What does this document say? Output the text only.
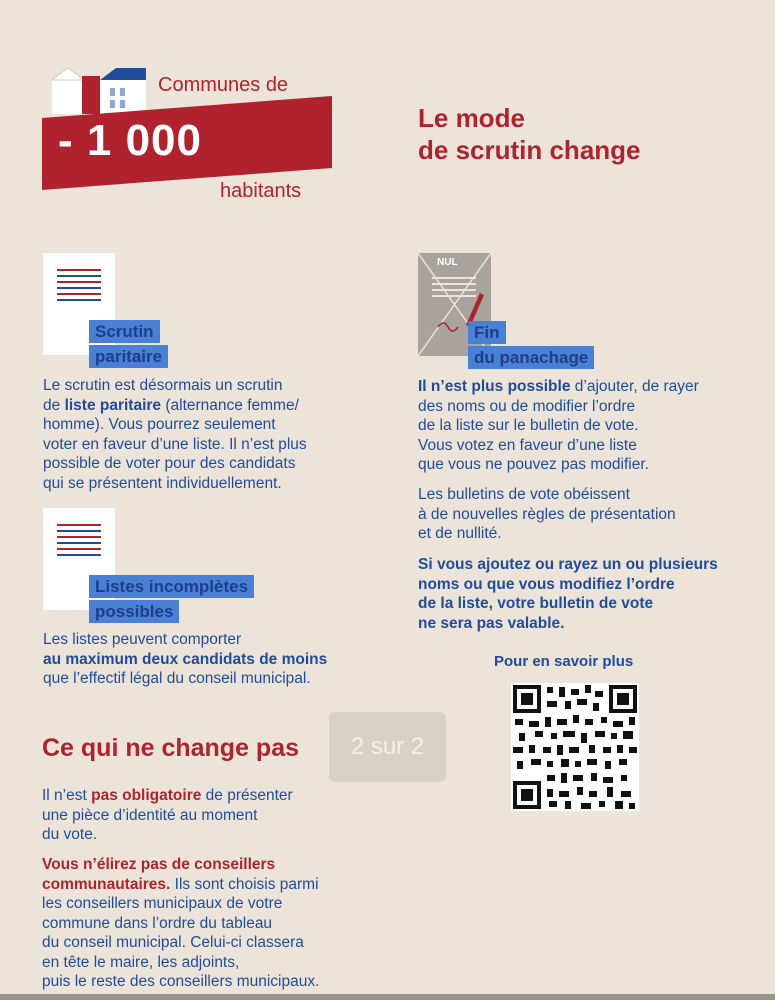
Communes de
- 1 000
habitants
Le mode
de scrutin change
Scrutin
paritaire

Le scrutin est désormais un scrutin

de liste paritaire (alternance femme/

homme). Vous pourrez seulement

voter en faveur d’une liste. Il n’est plus

possible de voter pour des candidats

qui se présentent individuellement.

Listes incomplètes
possibles

Les listes peuvent comporter

au maximum deux candidats de moins

que l’effectif légal du conseil municipal.

NUL
Fin
du panachage

Il n’est plus possible d’ajouter, de rayer

des noms ou de modifier l’ordre

de la liste sur le bulletin de vote.

Vous votez en faveur d’une liste

que vous ne pouvez pas modifier.

Les bulletins de vote obéissent

à de nouvelles règles de présentation

et de nullité.

Si vous ajoutez ou rayez un ou plusieurs

noms ou que vous modifiez l’ordre

de la liste, votre bulletin de vote

ne sera pas valable.

Pour en savoir plus
Ce qui ne change pas	2 sur 2

Il n’est pas obligatoire de présenter

une pièce d’identité au moment

du vote.

Vous n’élirez pas de conseillers

communautaires. Ils sont choisis parmi

les conseillers municipaux de votre

commune dans l’ordre du tableau

du conseil municipal. Celui-ci classera

en tête le maire, les adjoints,

puis le reste des conseillers municipaux.
